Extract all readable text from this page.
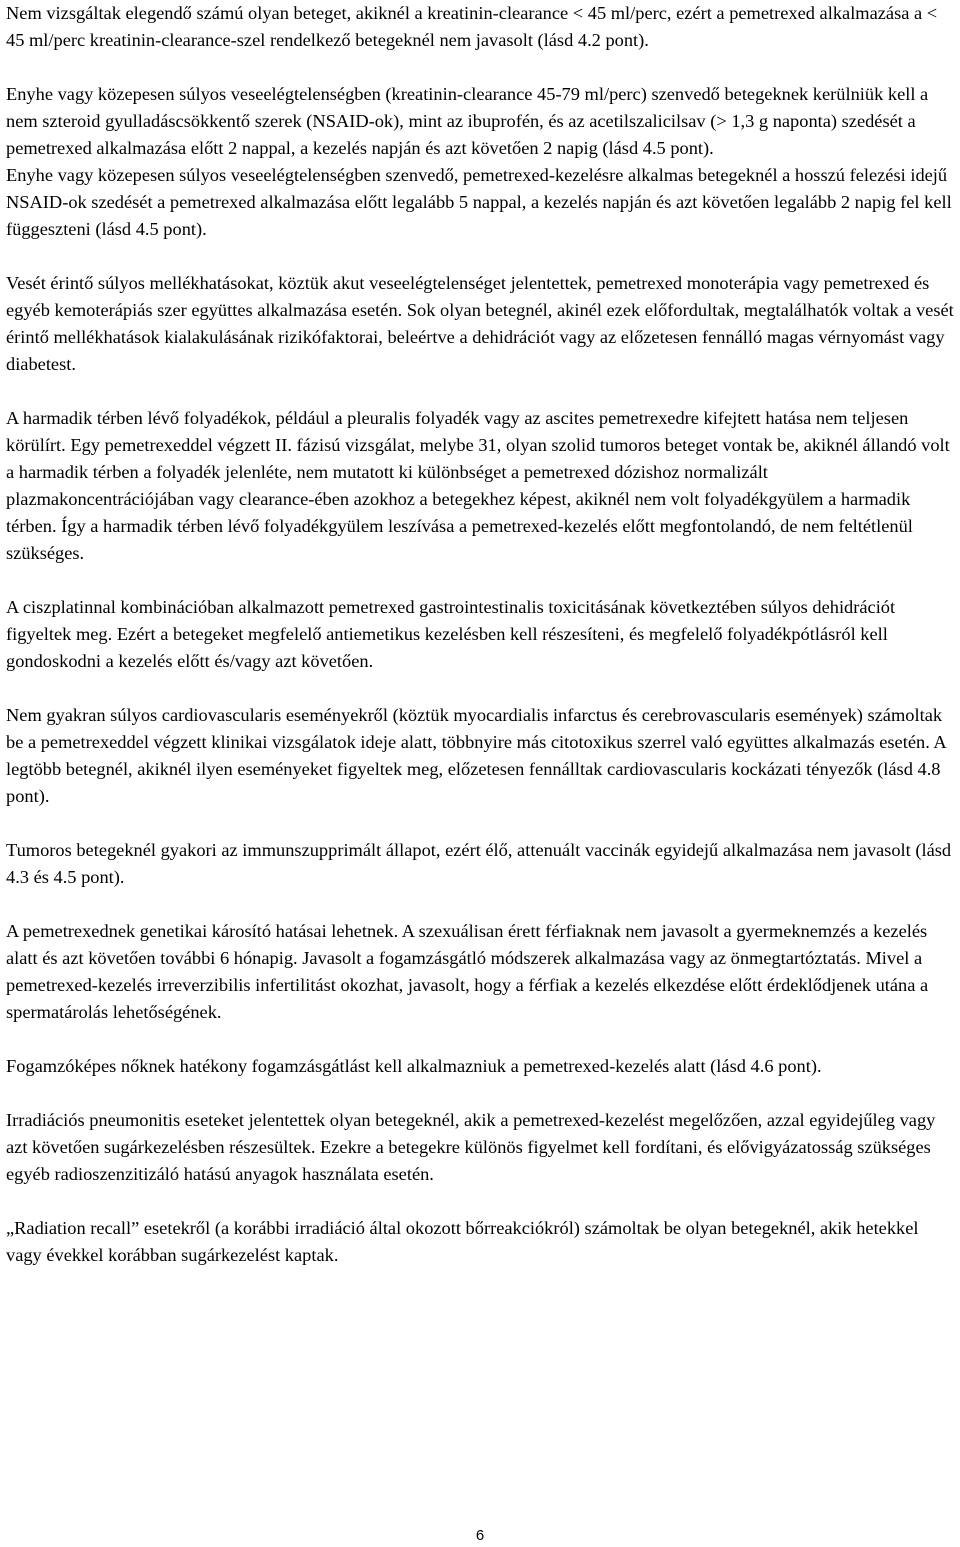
Nem vizsgáltak elegendő számú olyan beteget, akiknél a kreatinin-clearance < 45 ml/perc, ezért a pemetrexed alkalmazása a < 45 ml/perc kreatinin-clearance-szel rendelkező betegeknél nem javasolt (lásd 4.2 pont).

Enyhe vagy közepesen súlyos veseelégtelenségben (kreatinin-clearance 45-79 ml/perc) szenvedő betegeknek kerülniük kell a nem szteroid gyulladáscsökkentő szerek (NSAID-ok), mint az ibuprofén, és az acetilszalicilsav (> 1,3 g naponta) szedését a pemetrexed alkalmazása előtt 2 nappal, a kezelés napján és azt követően 2 napig (lásd 4.5 pont).

Enyhe vagy közepesen súlyos veseelégtelenségben szenvedő, pemetrexed-kezelésre alkalmas betegeknél a hosszú felezési idejű NSAID-ok szedését a pemetrexed alkalmazása előtt legalább 5 nappal, a kezelés napján és azt követően legalább 2 napig fel kell függeszteni (lásd 4.5 pont).

Vesét érintő súlyos mellékhatásokat, köztük akut veseelégtelenséget jelentettek, pemetrexed monoterápia vagy pemetrexed és egyéb kemoterápiás szer együttes alkalmazása esetén. Sok olyan betegnél, akinél ezek előfordultak, megtalálhatók voltak a vesét érintő mellékhatások kialakulásának rizikófaktorai, beleértve a dehidrációt vagy az előzetesen fennálló magas vérnyomást vagy diabetest.

A harmadik térben lévő folyadékok, például a pleuralis folyadék vagy az ascites pemetrexedre kifejtett hatása nem teljesen körülírt. Egy pemetrexeddel végzett II. fázisú vizsgálat, melybe 31, olyan szolid tumoros beteget vontak be, akiknél állandó volt a harmadik térben a folyadék jelenléte, nem mutatott ki különbséget a pemetrexed dózishoz normalizált plazmakoncentrációjában vagy clearance-ében azokhoz a betegekhez képest, akiknél nem volt folyadékgyülem a harmadik térben. Így a harmadik térben lévő folyadékgyülem leszívása a pemetrexed-kezelés előtt megfontolandó, de nem feltétlenül szükséges.

A ciszplatinnal kombinációban alkalmazott pemetrexed gastrointestinalis toxicitásának következtében súlyos dehidrációt figyeltek meg. Ezért a betegeket megfelelő antiemetikus kezelésben kell részesíteni, és megfelelő folyadékpótlásról kell gondoskodni a kezelés előtt és/vagy azt követően.

Nem gyakran súlyos cardiovascularis eseményekről (köztük myocardialis infarctus és cerebrovascularis események) számoltak be a pemetrexeddel végzett klinikai vizsgálatok ideje alatt, többnyire más citotoxikus szerrel való együttes alkalmazás esetén. A legtöbb betegnél, akiknél ilyen eseményeket figyeltek meg, előzetesen fennálltak cardiovascularis kockázati tényezők (lásd 4.8 pont).

Tumoros betegeknél gyakori az immunszupprimált állapot, ezért élő, attenuált vaccinák egyidejű alkalmazása nem javasolt (lásd 4.3 és 4.5 pont).

A pemetrexednek genetikai károsító hatásai lehetnek. A szexuálisan érett férfiaknak nem javasolt a gyermeknemzés a kezelés alatt és azt követően további 6 hónapig. Javasolt a fogamzásgátló módszerek alkalmazása vagy az önmegtartóztatás. Mivel a pemetrexed-kezelés irreverzibilis infertilitást okozhat, javasolt, hogy a férfiak a kezelés elkezdése előtt érdeklődjenek utána a spermatárolás lehetőségének.

Fogamzóképes nőknek hatékony fogamzásgátlást kell alkalmazniuk a pemetrexed-kezelés alatt (lásd 4.6 pont).

Irradiációs pneumonitis eseteket jelentettek olyan betegeknél, akik a pemetrexed-kezelést megelőzően, azzal egyidejűleg vagy azt követően sugárkezelésben részesültek. Ezekre a betegekre különös figyelmet kell fordítani, és elővigyázatosság szükséges egyéb radioszenzitizáló hatású anyagok használata esetén.

„Radiation recall” esetekről (a korábbi irradiáció által okozott bőrreakciókról) számoltak be olyan betegeknél, akik hetekkel vagy évekkel korábban sugárkezelést kaptak.

6
